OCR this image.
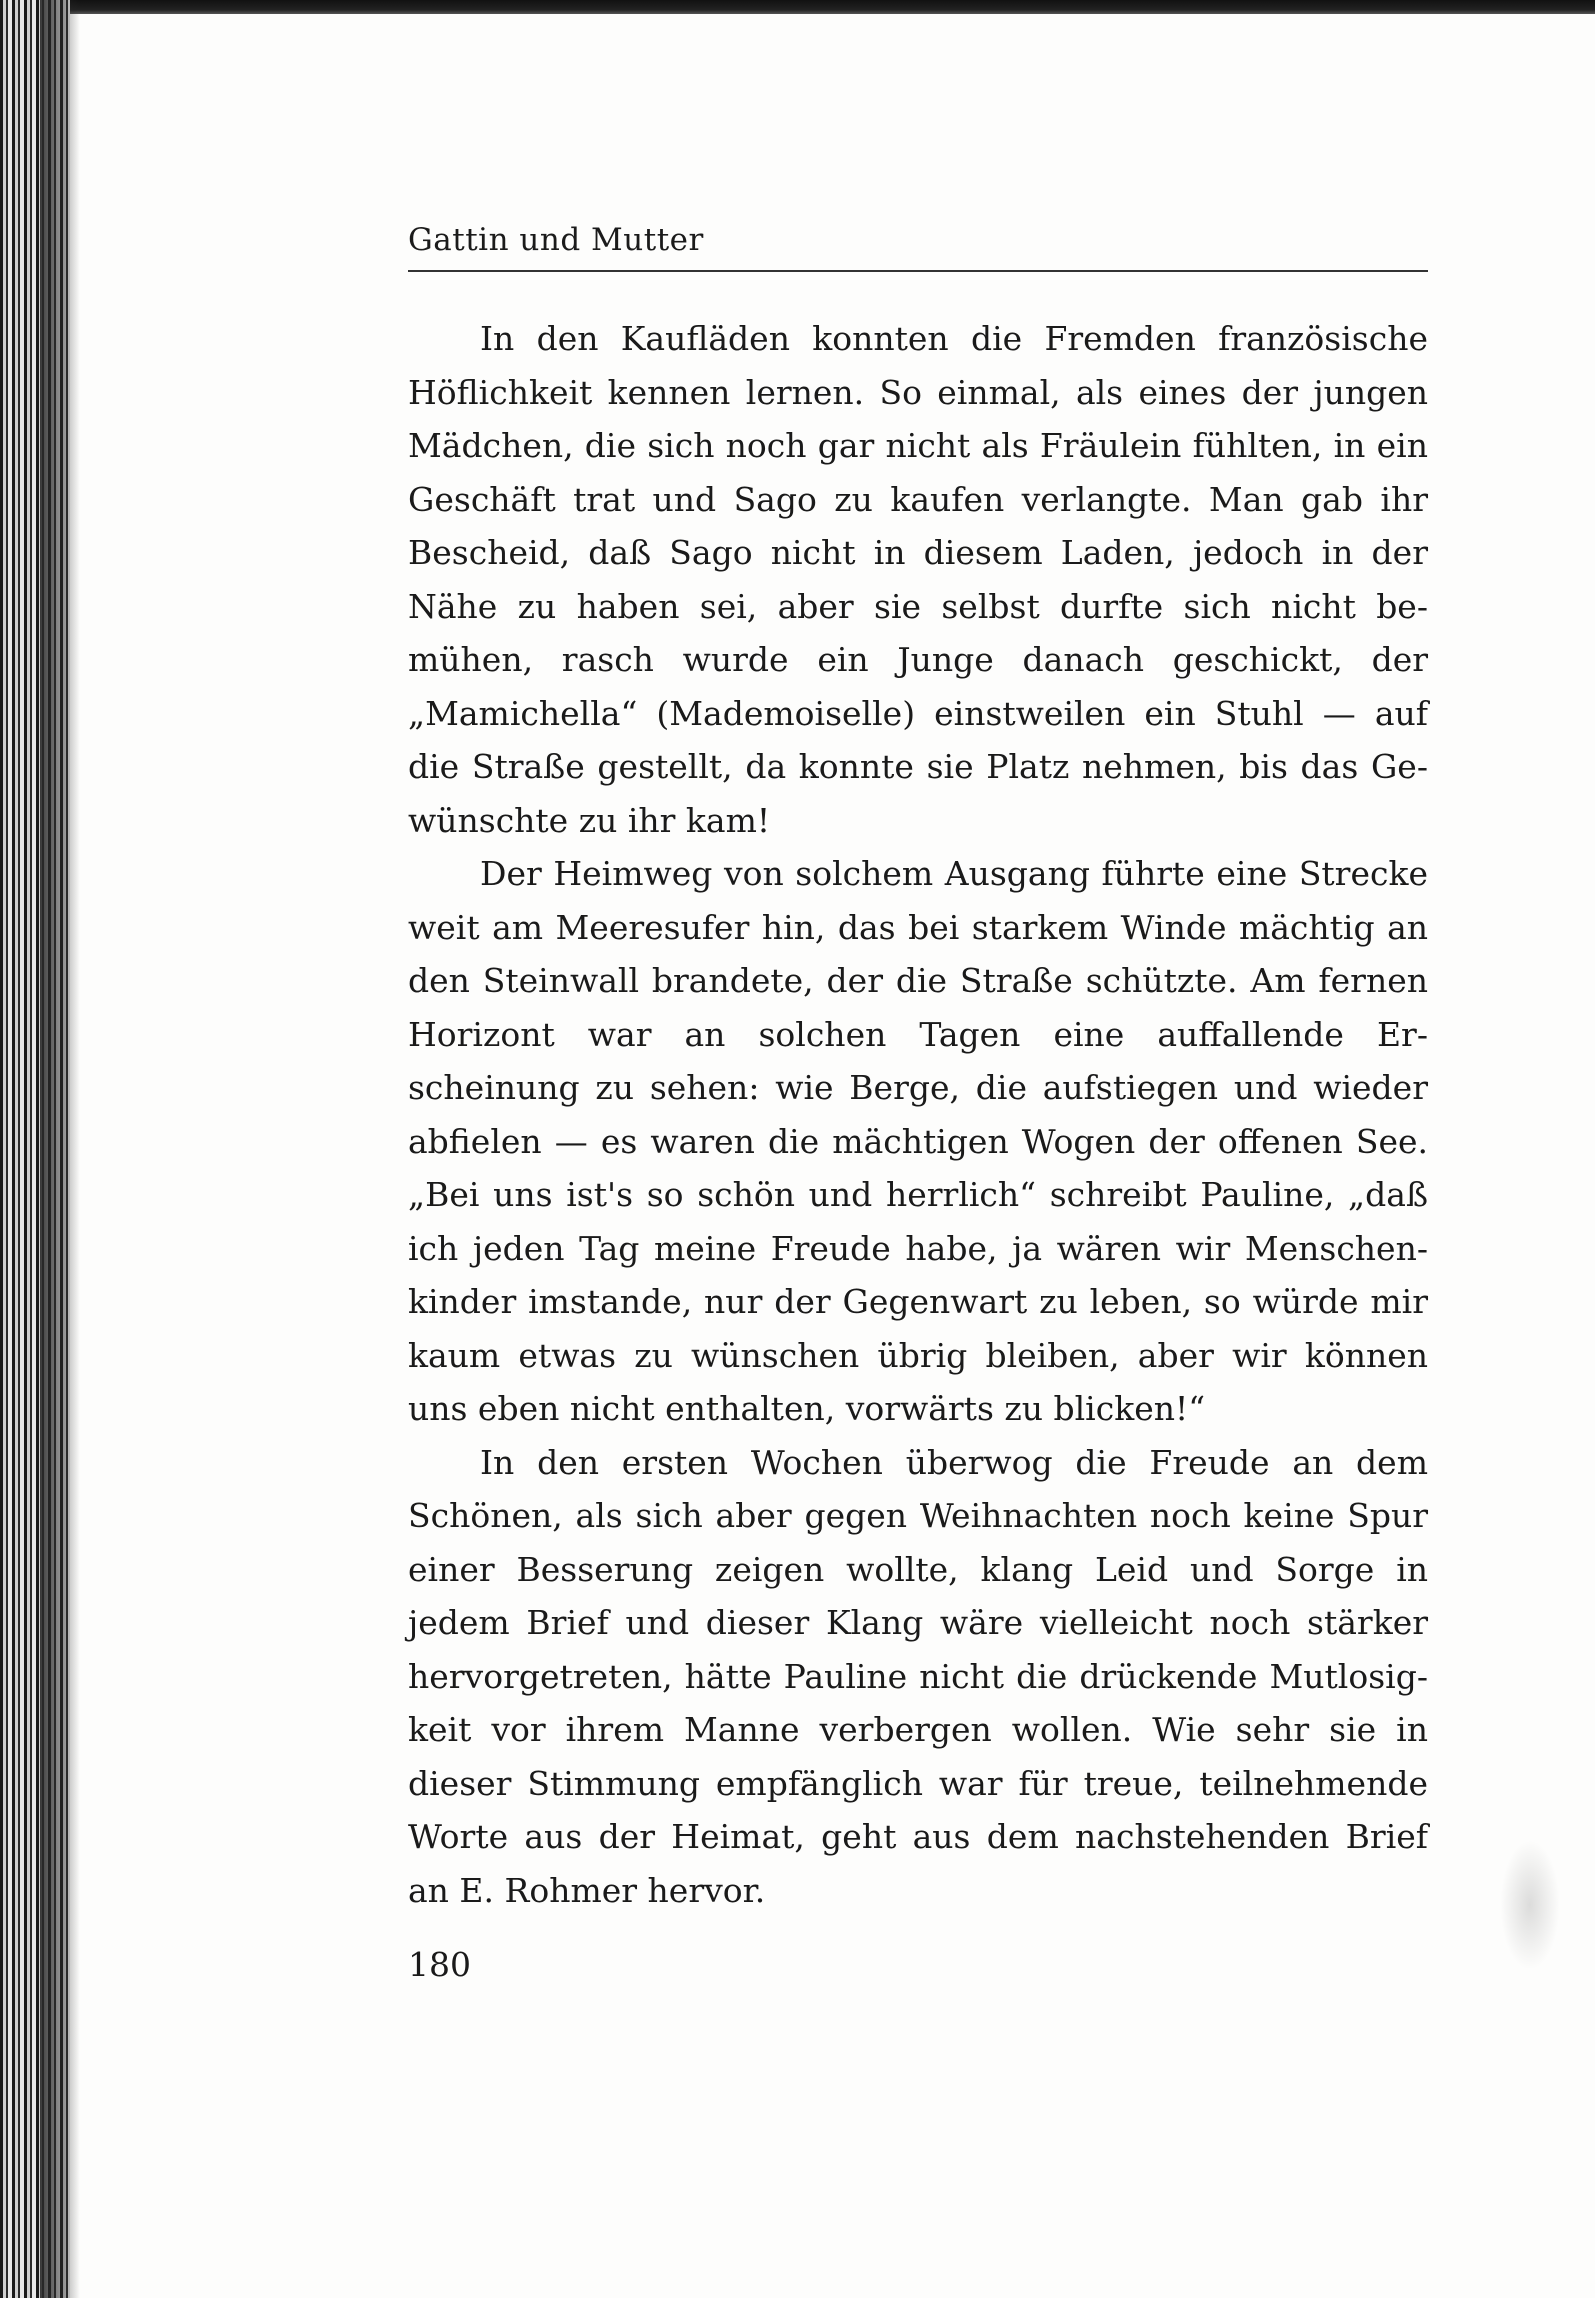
Gattin und Mutter

In den Kaufläden konnten die Fremden französische Höflichkeit kennen lernen. So einmal, als eines der jungen Mädchen, die sich noch gar nicht als Fräulein fühlten, in ein Geschäft trat und Sago zu kaufen verlangte. Man gab ihr Bescheid, daß Sago nicht in diesem Laden, jedoch in der Nähe zu haben sei, aber sie selbst durfte sich nicht bemühen, rasch wurde ein Junge danach geschickt, der „Mamichella“ (Mademoiselle) einstweilen ein Stuhl — auf die Straße gestellt, da konnte sie Platz nehmen, bis das Gewünschte zu ihr kam!

Der Heimweg von solchem Ausgang führte eine Strecke weit am Meeresufer hin, das bei starkem Winde mächtig an den Steinwall brandete, der die Straße schützte. Am fernen Horizont war an solchen Tagen eine auffallende Erscheinung zu sehen: wie Berge, die aufstiegen und wieder abfielen — es waren die mächtigen Wogen der offenen See. „Bei uns ist's so schön und herrlich“ schreibt Pauline, „daß ich jeden Tag meine Freude habe, ja wären wir Menschenkinder imstande, nur der Gegenwart zu leben, so würde mir kaum etwas zu wünschen übrig bleiben, aber wir können uns eben nicht enthalten, vorwärts zu blicken!“

In den ersten Wochen überwog die Freude an dem Schönen, als sich aber gegen Weihnachten noch keine Spur einer Besserung zeigen wollte, klang Leid und Sorge in jedem Brief und dieser Klang wäre vielleicht noch stärker hervorgetreten, hätte Pauline nicht die drückende Mutlosigkeit vor ihrem Manne verbergen wollen. Wie sehr sie in dieser Stimmung empfänglich war für treue, teilnehmende Worte aus der Heimat, geht aus dem nachstehenden Brief an E. Rohmer hervor.

180
